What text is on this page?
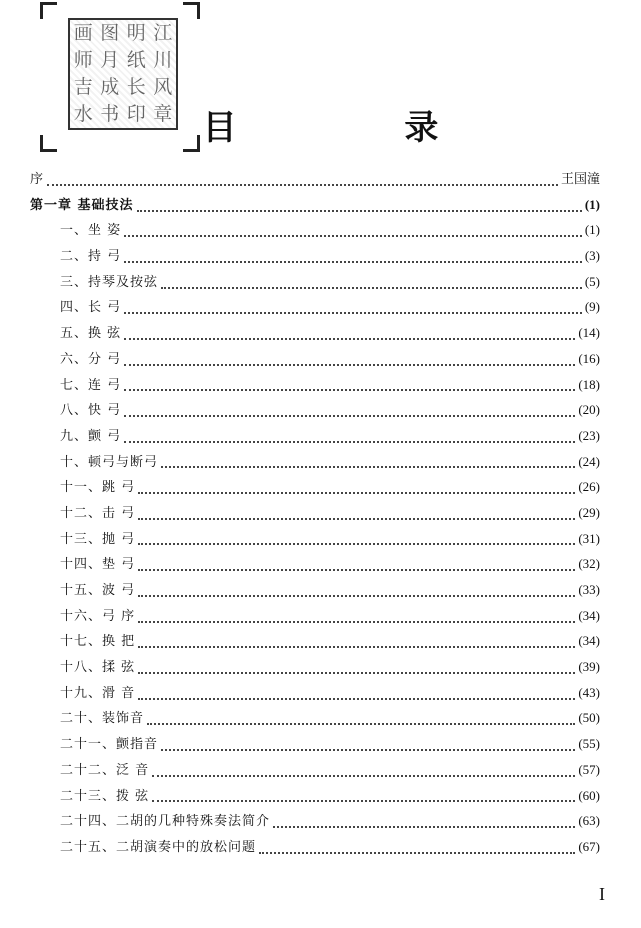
画 图 明 江
师 月 纸 川
吉 成 长 风
水 书 印 章 目 录
序	王国潼
第一章 基础技法	(1)
一、坐 姿	(1)
二、持 弓	(3)
三、持琴及按弦	(5)
四、长 弓	(9)
五、换 弦	(14)
六、分 弓	(16)
七、连 弓	(18)
八、快 弓	(20)
九、颤 弓	(23)
十、顿弓与断弓	(24)
十一、跳 弓	(26)
十二、击 弓	(29)
十三、抛 弓	(31)
十四、垫 弓	(32)
十五、波 弓	(33)
十六、弓 序	(34)
十七、换 把	(34)
十八、揉 弦	(39)
十九、滑 音	(43)
二十、装饰音	(50)
二十一、颤指音	(55)
二十二、泛 音	(57)
二十三、拨 弦	(60)
二十四、二胡的几种特殊奏法简介	(63)
二十五、二胡演奏中的放松问题	(67)
I
